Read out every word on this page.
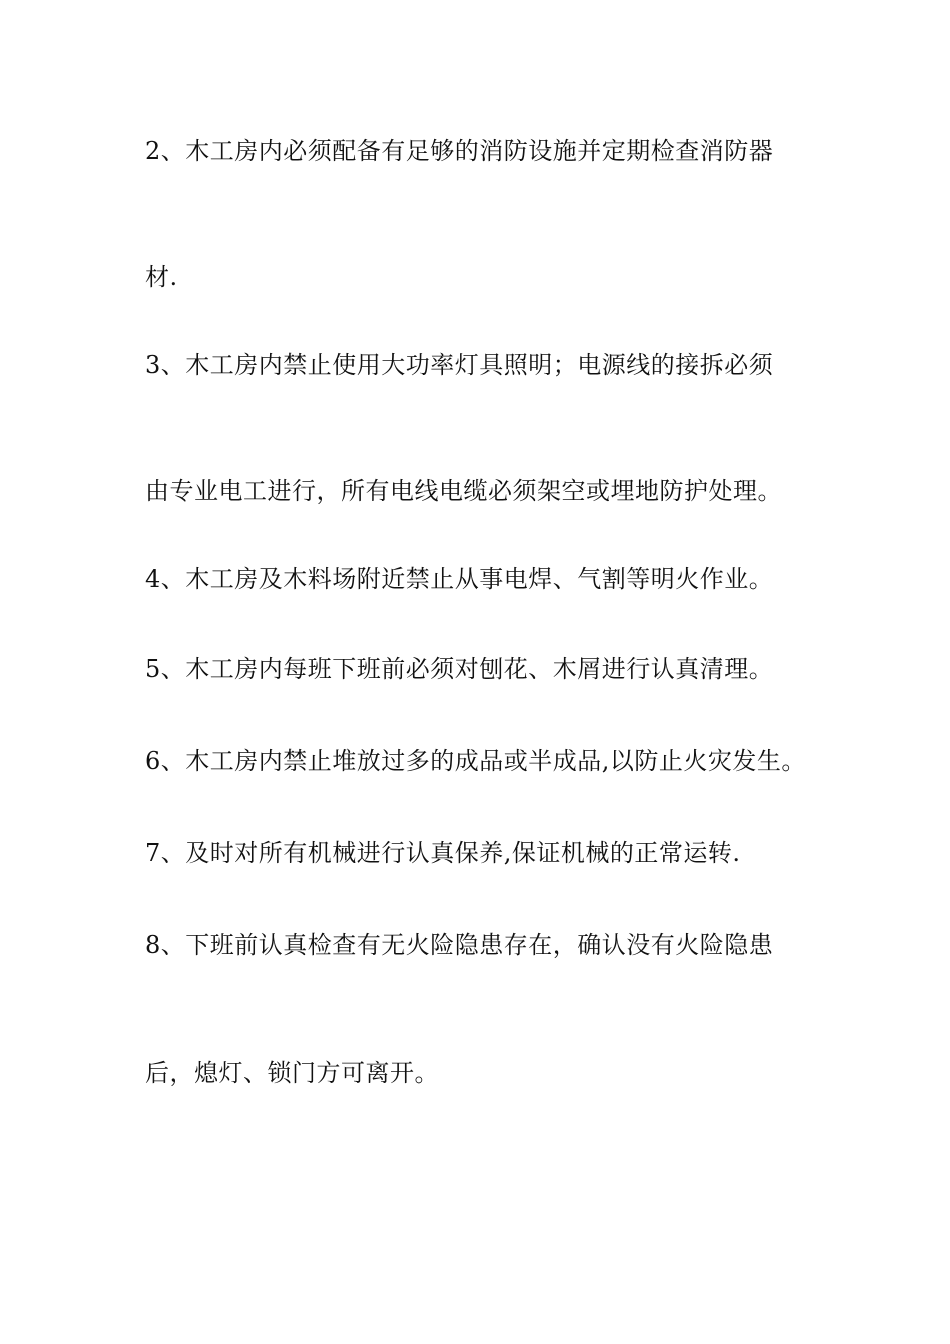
2、木工房内必须配备有足够的消防设施并定期检查消防器
材.
3、木工房内禁止使用大功率灯具照明；电源线的接拆必须
由专业电工进行，所有电线电缆必须架空或埋地防护处理。
4、木工房及木料场附近禁止从事电焊、气割等明火作业。
5、木工房内每班下班前必须对刨花、木屑进行认真清理。
6、木工房内禁止堆放过多的成品或半成品,以防止火灾发生。
7、及时对所有机械进行认真保养,保证机械的正常运转.
8、下班前认真检查有无火险隐患存在，确认没有火险隐患
后，熄灯、锁门方可离开。
